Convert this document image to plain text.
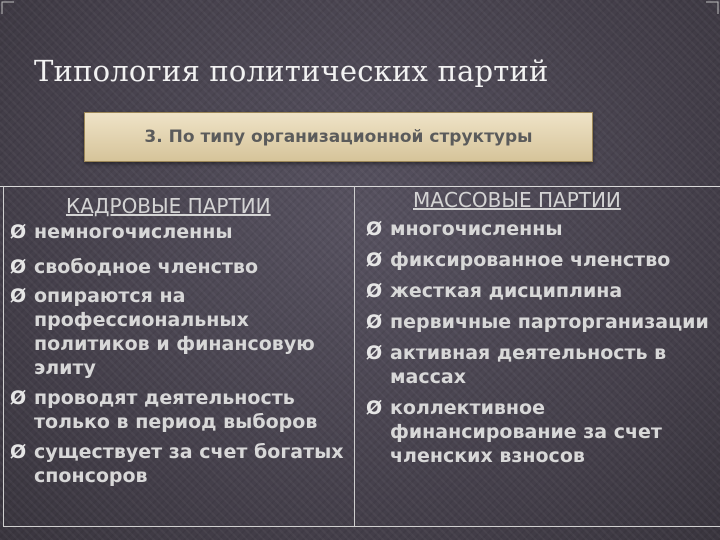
Типология политических партий
3. По типу организационной структуры
КАДРОВЫЕ ПАРТИИ
Ø немногочисленны
Ø свободное членство
Ø опираются на профессиональных политиков и финансовую элиту
Ø проводят деятельность только в период выборов
Ø существует за счет богатых спонсоров
МАССОВЫЕ ПАРТИИ
Ø многочисленны
Ø фиксированное членство
Ø жесткая дисциплина
Ø первичные парторганизации
Ø активная деятельность в массах
Ø коллективное финансирование за счет членских взносов
